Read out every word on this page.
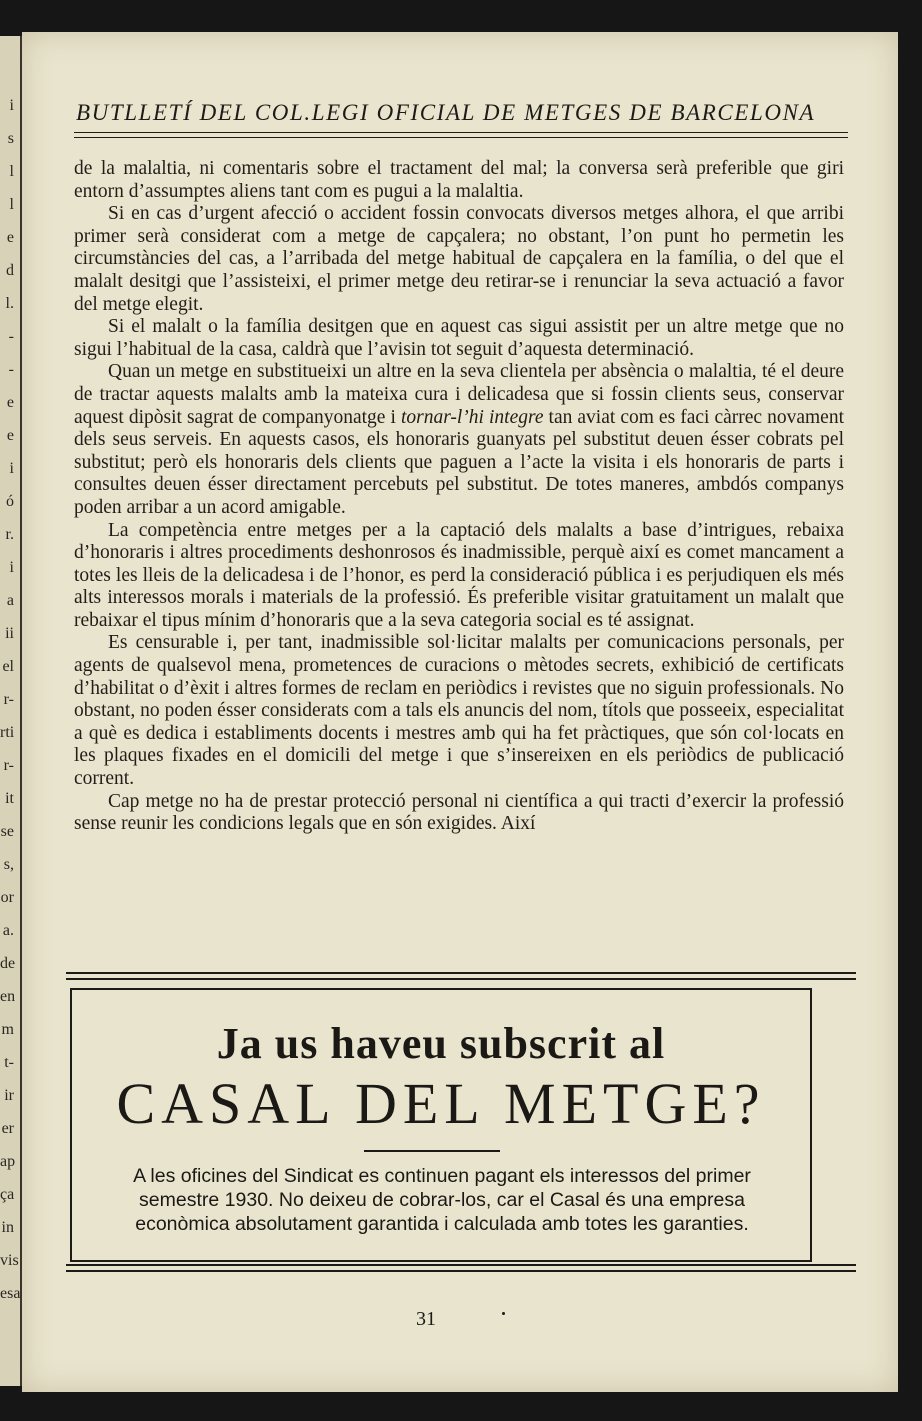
i
s
l
l
e
d
l.
-
-
e
e
i
ó
r.
i
a
ii
el
r-
rti
r-
it
se
s,
or
a.
de
en
m
t-
ir
er
ap
ça
in
vis
esa
BUTLLETÍ DEL COL.LEGI OFICIAL DE METGES DE BARCELONA

de la malaltia, ni comentaris sobre el tractament del mal; la conversa serà preferible que giri entorn d’assumptes aliens tant com es pugui a la malaltia.

Si en cas d’urgent afecció o accident fossin convocats diversos metges alhora, el que arribi primer serà considerat com a metge de capçalera; no obstant, l’on punt ho permetin les circumstàncies del cas, a l’arribada del metge habitual de capçalera en la família, o del que el malalt desitgi que l’assisteixi, el primer metge deu retirar-se i renunciar la seva actuació a favor del metge elegit.

Si el malalt o la família desitgen que en aquest cas sigui assistit per un altre metge que no sigui l’habitual de la casa, caldrà que l’avisin tot seguit d’aquesta determinació.

Quan un metge en substitueixi un altre en la seva clientela per absència o malaltia, té el deure de tractar aquests malalts amb la mateixa cura i delicadesa que si fossin clients seus, conservar aquest dipòsit sagrat de companyonatge i tornar-l’hi integre tan aviat com es faci càrrec novament dels seus serveis. En aquests casos, els honoraris guanyats pel substitut deuen ésser cobrats pel substitut; però els honoraris dels clients que paguen a l’acte la visita i els honoraris de parts i consultes deuen ésser directament percebuts pel substitut. De totes maneres, ambdós companys poden arribar a un acord amigable.

La competència entre metges per a la captació dels malalts a base d’intrigues, rebaixa d’honoraris i altres procediments deshonrosos és inadmissible, perquè així es comet mancament a totes les lleis de la delicadesa i de l’honor, es perd la consideració pública i es perjudiquen els més alts interessos morals i materials de la professió. És preferible visitar gratuitament un malalt que rebaixar el tipus mínim d’honoraris que a la seva categoria social es té assignat.

Es censurable i, per tant, inadmissible sol·licitar malalts per comunicacions personals, per agents de qualsevol mena, prometences de curacions o mètodes secrets, exhibició de certificats d’habilitat o d’èxit i altres formes de reclam en periòdics i revistes que no siguin professionals. No obstant, no poden ésser considerats com a tals els anuncis del nom, títols que posseeix, especialitat a què es dedica i establiments docents i mestres amb qui ha fet pràctiques, que són col·locats en les plaques fixades en el domicili del metge i que s’insereixen en els periòdics de publicació corrent.

Cap metge no ha de prestar protecció personal ni científica a qui tracti d’exercir la professió sense reunir les condicions legals que en són exigides. Així

Ja us haveu subscrit al
CASAL DEL METGE?
A les oficines del Sindicat es continuen pagant els interessos del primer semestre 1930. No deixeu de cobrar-los, car el Casal és una empresa econòmica absolutament garantida i calculada amb totes les garanties.
31
